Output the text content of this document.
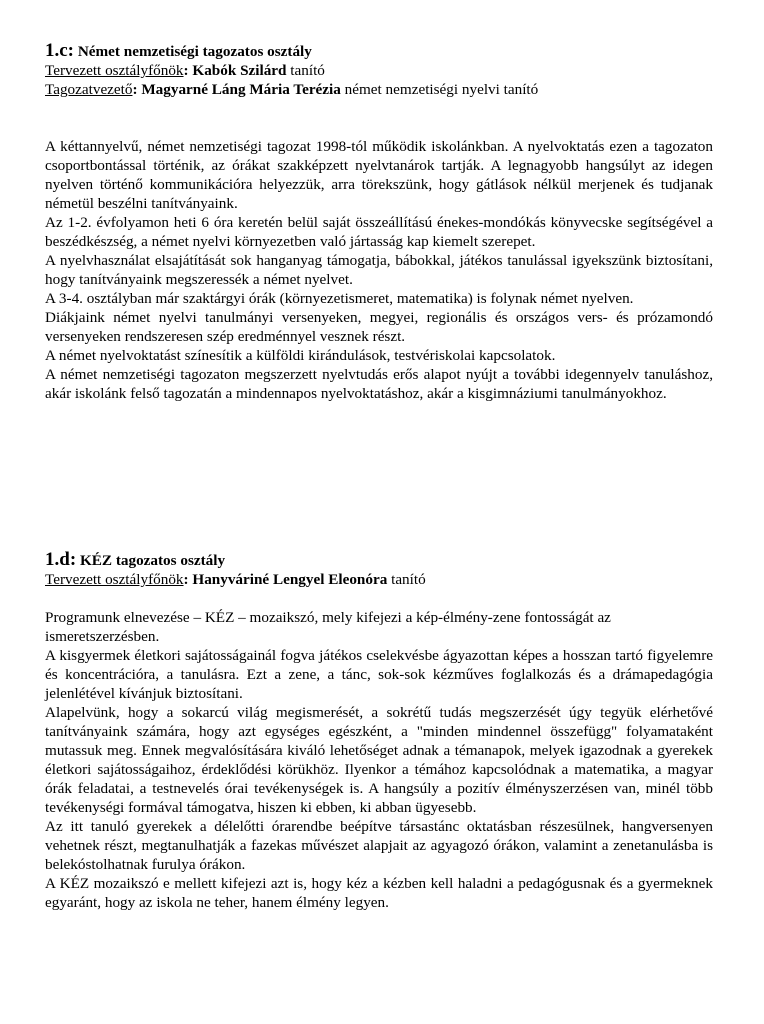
1.c: Német nemzetiségi tagozatos osztály

Tervezett osztályfőnök: Kabók Szilárd tanító

Tagozatvezető: Magyarné Láng Mária Terézia német nemzetiségi nyelvi tanító

A kéttannyelvű, német nemzetiségi tagozat 1998-tól működik iskolánkban. A nyelvoktatás ezen a tagozaton csoportbontással történik, az órákat szakképzett nyelvtanárok tartják. A legnagyobb hangsúlyt az idegen nyelven történő kommunikációra helyezzük, arra törekszünk, hogy gátlások nélkül merjenek és tudjanak németül beszélni tanítványaink.

Az 1-2. évfolyamon heti 6 óra keretén belül saját összeállítású énekes-mondókás könyvecske segítségével a beszédkészség, a német nyelvi környezetben való jártasság kap kiemelt szerepet.

A nyelvhasználat elsajátítását sok hanganyag támogatja, bábokkal, játékos tanulással igyekszünk biztosítani, hogy tanítványaink megszeressék a német nyelvet.

A 3-4. osztályban már szaktárgyi órák (környezetismeret, matematika) is folynak német nyelven.

Diákjaink német nyelvi tanulmányi versenyeken, megyei, regionális és országos vers- és prózamondó versenyeken rendszeresen szép eredménnyel vesznek részt.

A német nyelvoktatást színesítik a külföldi kirándulások, testvériskolai kapcsolatok.

A német nemzetiségi tagozaton megszerzett nyelvtudás erős alapot nyújt a további idegennyelv tanuláshoz, akár iskolánk felső tagozatán a mindennapos nyelvoktatáshoz, akár a kisgimnáziumi tanulmányokhoz.

1.d: KÉZ tagozatos osztály

Tervezett osztályfőnök: Hanyváriné Lengyel Eleonóra tanító

Programunk elnevezése – KÉZ – mozaikszó, mely kifejezi a kép-élmény-zene fontosságát az ismeretszerzésben.

A kisgyermek életkori sajátosságainál fogva játékos cselekvésbe ágyazottan képes a hosszan tartó figyelemre és koncentrációra, a tanulásra. Ezt a zene, a tánc, sok-sok kézműves foglalkozás és a drámapedagógia jelenlétével kívánjuk biztosítani.

Alapelvünk, hogy a sokarcú világ megismerését, a sokrétű tudás megszerzését úgy tegyük elérhetővé tanítványaink számára, hogy azt egységes egészként, a "minden mindennel összefügg" folyamataként mutassuk meg. Ennek megvalósítására kiváló lehetőséget adnak a témanapok, melyek igazodnak a gyerekek életkori sajátosságaihoz, érdeklődési körükhöz. Ilyenkor a témához kapcsolódnak a matematika, a magyar órák feladatai, a testnevelés órai tevékenységek is. A hangsúly a pozitív élményszerzésen van, minél több tevékenységi formával támogatva, hiszen ki ebben, ki abban ügyesebb.

Az itt tanuló gyerekek a délelőtti órarendbe beépítve társastánc oktatásban részesülnek, hangversenyen vehetnek részt, megtanulhatják a fazekas művészet alapjait az agyagozó órákon, valamint a zenetanulásba is belekóstolhatnak furulya órákon.

A KÉZ mozaikszó e mellett kifejezi azt is, hogy kéz a kézben kell haladni a pedagógusnak és a gyermeknek egyaránt, hogy az iskola ne teher, hanem élmény legyen.
